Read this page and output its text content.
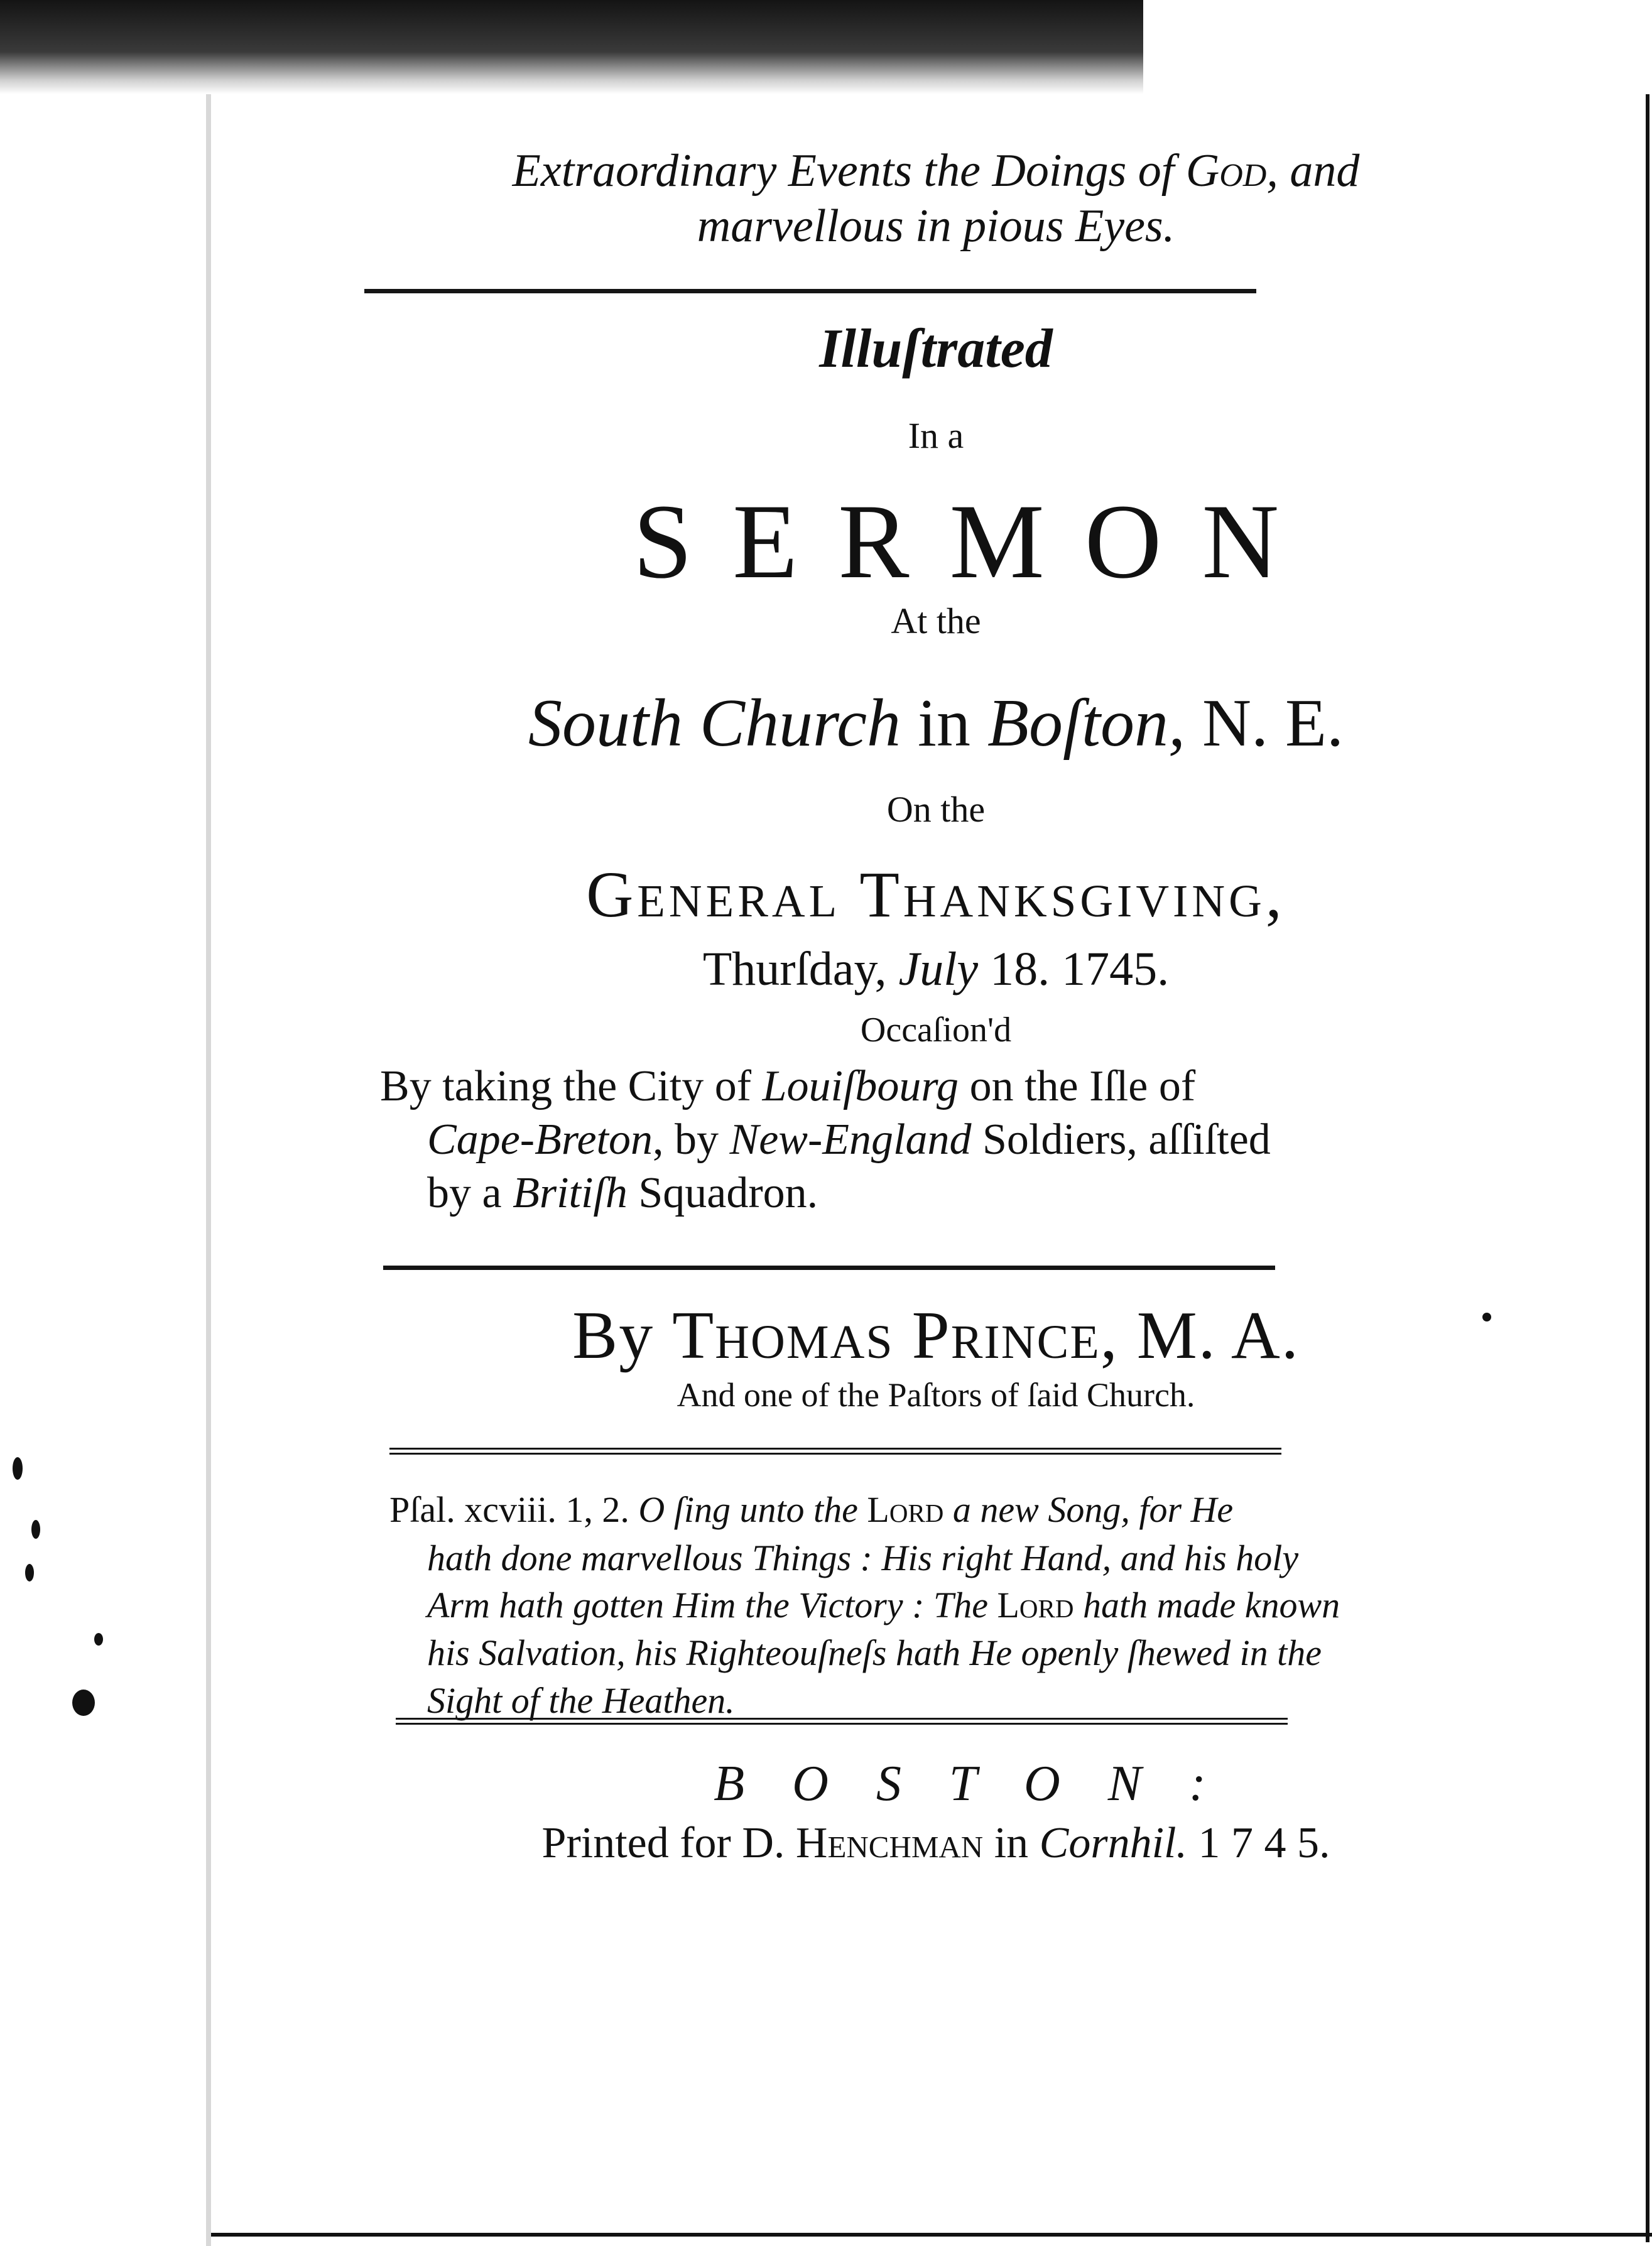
Extraordinary Events the Doings of God, and
marvellous in pious Eyes.
Illuſtrated
In a
SERMON
At the
South Church in Boſton, N. E.
On the
General Thanksgiving,
Thurſday, July 18. 1745.
Occaſion'd
By taking the City of Louiſbourg on the Iſle of
Cape-Breton, by New-England Soldiers, aſſiſted
by a Britiſh Squadron.
By Thomas Prince, M. A.
And one of the Paſtors of ſaid Church.
Pſal. xcviii. 1, 2. O ſing unto the Lord a new Song, for He
hath done marvellous Things : His right Hand, and his holy
Arm hath gotten Him the Victory : The Lord hath made known
his Salvation, his Righteouſneſs hath He openly ſhewed in the
Sight of the Heathen.
BOSTON:
Printed for D. Henchman in Cornhil. 1 7 4 5.
